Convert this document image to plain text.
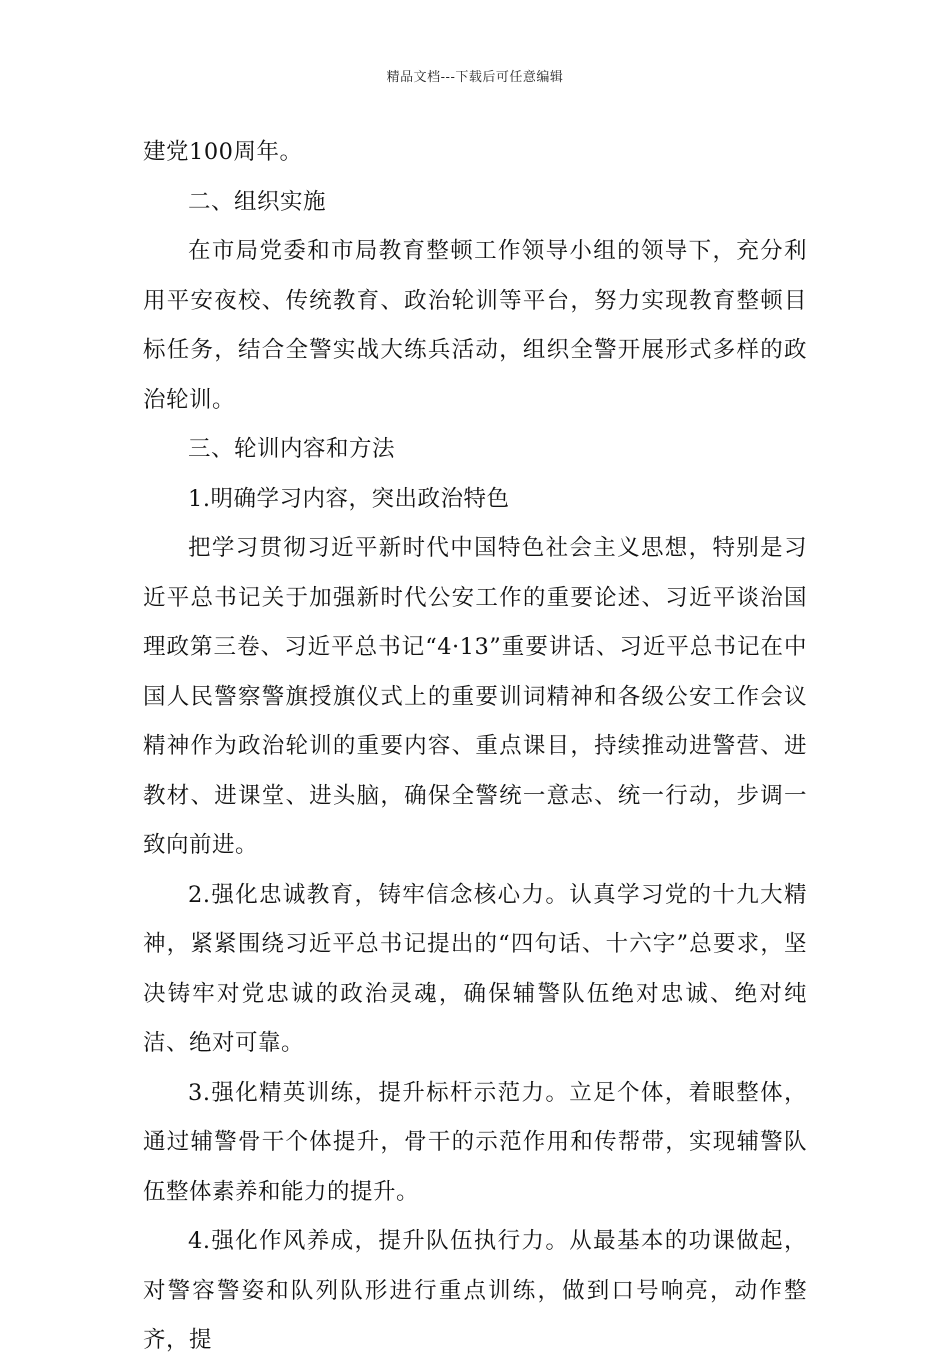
精品文档---下载后可任意编辑

建党100周年。

二、组织实施

在市局党委和市局教育整顿工作领导小组的领导下，充分利用平安夜校、传统教育、政治轮训等平台，努力实现教育整顿目标任务，结合全警实战大练兵活动，组织全警开展形式多样的政治轮训。

三、轮训内容和方法

1.明确学习内容，突出政治特色

把学习贯彻习近平新时代中国特色社会主义思想，特别是习近平总书记关于加强新时代公安工作的重要论述、习近平谈治国理政第三卷、习近平总书记“4·13”重要讲话、习近平总书记在中国人民警察警旗授旗仪式上的重要训词精神和各级公安工作会议精神作为政治轮训的重要内容、重点课目，持续推动进警营、进教材、进课堂、进头脑，确保全警统一意志、统一行动，步调一致向前进。

2.强化忠诚教育，铸牢信念核心力。认真学习党的十九大精神，紧紧围绕习近平总书记提出的“四句话、十六字”总要求，坚决铸牢对党忠诚的政治灵魂，确保辅警队伍绝对忠诚、绝对纯洁、绝对可靠。

3.强化精英训练，提升标杆示范力。立足个体，着眼整体，通过辅警骨干个体提升，骨干的示范作用和传帮带，实现辅警队伍整体素养和能力的提升。

4.强化作风养成，提升队伍执行力。从最基本的功课做起，对警容警姿和队列队形进行重点训练，做到口号响亮，动作整齐，提
